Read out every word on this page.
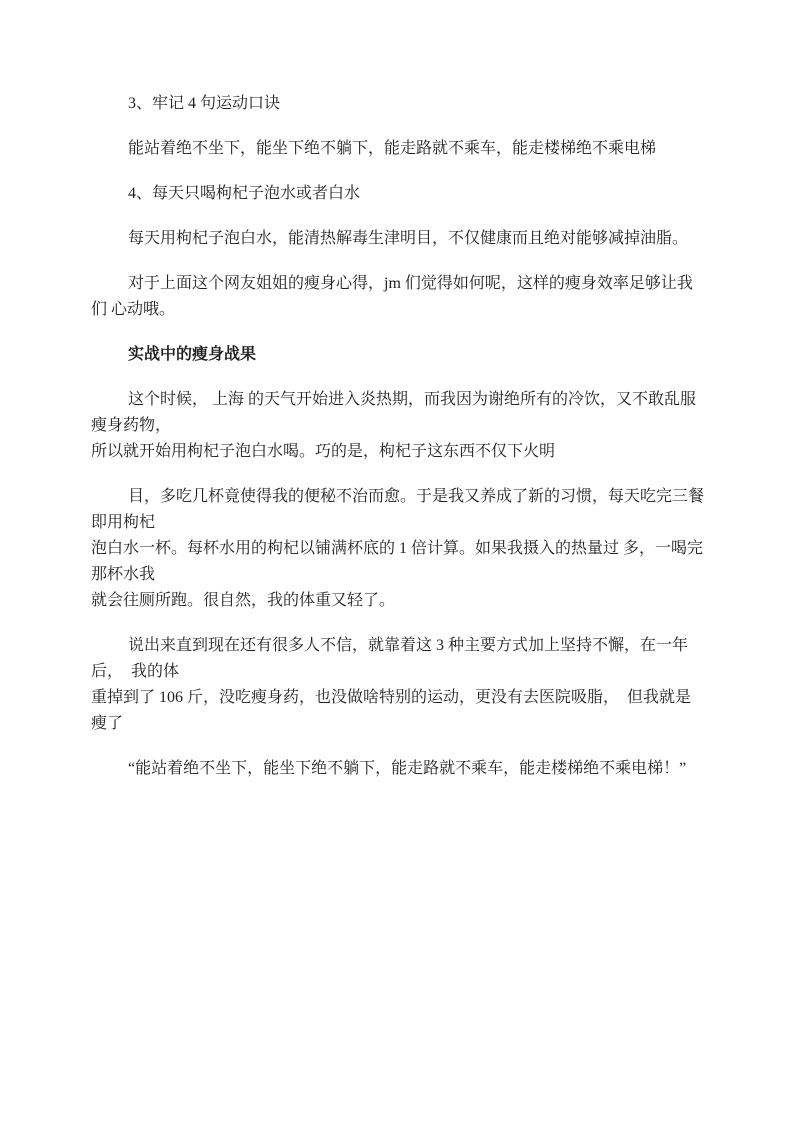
3、牢记 4 句运动口诀
能站着绝不坐下，能坐下绝不躺下，能走路就不乘车，能走楼梯绝不乘电梯
4、每天只喝枸杞子泡水或者白水
每天用枸杞子泡白水，能清热解毒生津明目，不仅健康而且绝对能够减掉油脂。
对于上面这个网友姐姐的瘦身心得，jm 们觉得如何呢，这样的瘦身效率足够让我们 心动哦。
实战中的瘦身战果
这个时候， 上海 的天气开始进入炎热期，而我因为谢绝所有的冷饮，又不敢乱服 瘦身药物，
所以就开始用枸杞子泡白水喝。巧的是，枸杞子这东西不仅下火明
目，多吃几杯竟使得我的便秘不治而愈。于是我又养成了新的习惯，每天吃完三餐 即用枸杞
泡白水一杯。每杯水用的枸杞以铺满杯底的 1 倍计算。如果我摄入的热量过 多，一喝完那杯水我
就会往厕所跑。很自然，我的体重又轻了。
说出来直到现在还有很多人不信，就靠着这 3 种主要方式加上坚持不懈，在一年后，  我的体
重掉到了 106 斤，没吃瘦身药，也没做啥特别的运动，更没有去医院吸脂，  但我就是瘦了
“能站着绝不坐下，能坐下绝不躺下，能走路就不乘车，能走楼梯绝不乘电梯！”
